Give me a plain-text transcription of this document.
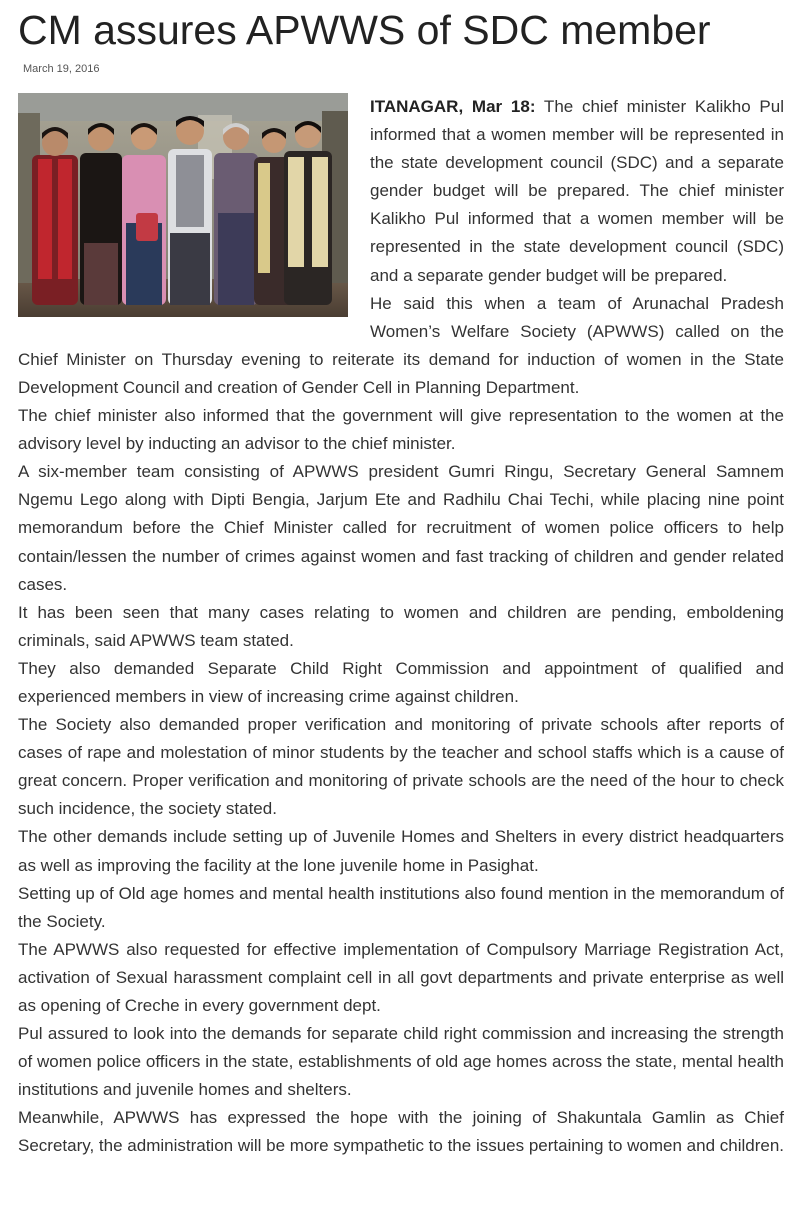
CM assures APWWS of SDC member
March 19, 2016

ITANAGAR, Mar 18: The chief minister Kalikho Pul informed that a women member will be represented in the state development council (SDC) and a separate gender budget will be prepared. The chief minister Kalikho Pul informed that a women member will be represented in the state development council (SDC) and a separate gender budget will be prepared.

He said this when a team of Arunachal Pradesh Women’s Welfare Society (APWWS) called on the Chief Minister on Thursday evening to reiterate its demand for induction of women in the State Development Council and creation of Gender Cell in Planning Department.

The chief minister also informed that the government will give representation to the women at the advisory level by inducting an advisor to the chief minister.

A six-member team consisting of APWWS president Gumri Ringu, Secretary General Samnem Ngemu Lego along with Dipti Bengia, Jarjum Ete and Radhilu Chai Techi, while placing nine point memorandum before the Chief Minister called for recruitment of women police officers to help contain/lessen the number of crimes against women and fast tracking of children and gender related cases.

It has been seen that many cases relating to women and children are pending, emboldening criminals, said APWWS team stated.

They also demanded Separate Child Right Commission and appointment of qualified and experienced members in view of increasing crime against children.

The Society also demanded proper verification and monitoring of private schools after reports of cases of rape and molestation of minor students by the teacher and school staffs which is a cause of great concern. Proper verification and monitoring of private schools are the need of the hour to check such incidence, the society stated.

The other demands include setting up of Juvenile Homes and Shelters in every district headquarters as well as improving the facility at the lone juvenile home in Pasighat.

Setting up of Old age homes and mental health institutions also found mention in the memorandum of the Society.

The APWWS also requested for effective implementation of Compulsory Marriage Registration Act, activation of Sexual harassment complaint cell in all govt departments and private enterprise as well as opening of Creche in every government dept.

Pul assured to look into the demands for separate child right commission and increasing the strength of women police officers in the state, establishments of old age homes across the state, mental health institutions and juvenile homes and shelters.

Meanwhile, APWWS has expressed the hope with the joining of Shakuntala Gamlin as Chief Secretary, the administration will be more sympathetic to the issues pertaining to women and children.
